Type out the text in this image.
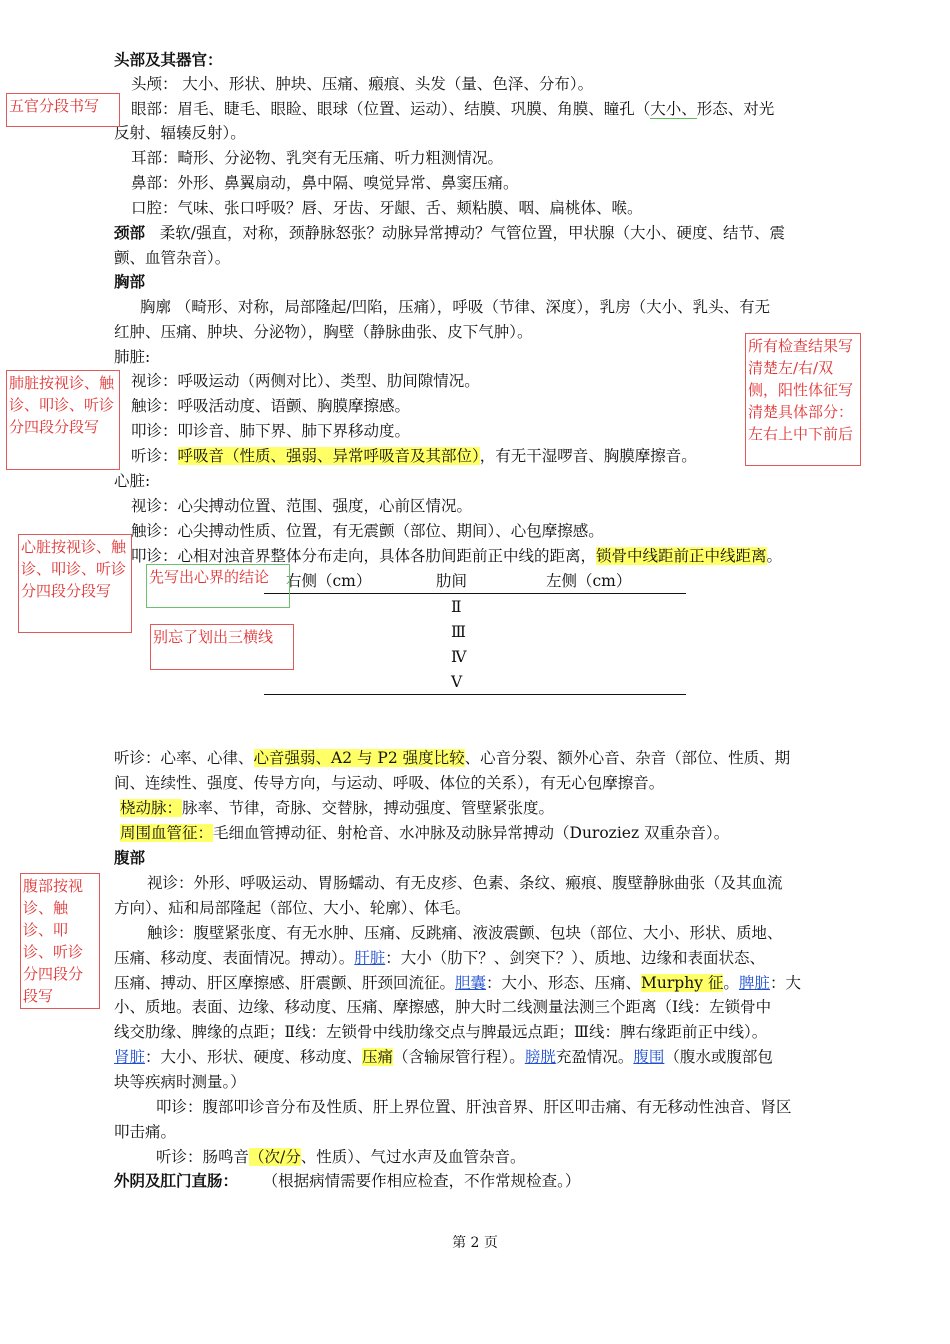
头部及其器官：
头颅： 大小、形状、肿块、压痛、瘢痕、头发（量、色泽、分布）。
眼部：眉毛、睫毛、眼睑、眼球（位置、运动）、结膜、巩膜、角膜、瞳孔（大小、形态、对光
反射、辐辏反射）。
耳部：畸形、分泌物、乳突有无压痛、听力粗测情况。
鼻部：外形、鼻翼扇动，鼻中隔、嗅觉异常、鼻窦压痛。
口腔：气味、张口呼吸？唇、牙齿、牙龈、舌、颊粘膜、咽、扁桃体、喉。
颈部 柔软/强直，对称，颈静脉怒张？动脉异常搏动？气管位置，甲状腺（大小、硬度、结节、震
颤、血管杂音）。
胸部
胸廓 （畸形、对称，局部隆起/凹陷，压痛），呼吸（节律、深度），乳房（大小、乳头、有无
红肿、压痛、肿块、分泌物），胸壁（静脉曲张、皮下气肿）。
肺脏:
视诊：呼吸运动（两侧对比）、类型、肋间隙情况。
触诊：呼吸活动度、语颤、胸膜摩擦感。
叩诊：叩诊音、肺下界、肺下界移动度。
听诊：呼吸音（性质、强弱、异常呼吸音及其部位），有无干湿啰音、胸膜摩擦音。
心脏:
视诊：心尖搏动位置、范围、强度，心前区情况。
触诊：心尖搏动性质、位置，有无震颤（部位、期间）、心包摩擦感。
叩诊：心相对浊音界整体分布走向，具体各肋间距前正中线的距离，锁骨中线距前正中线距离。
右侧（cm）	肋间	左侧（cm）
Ⅱ
Ⅲ
Ⅳ
Ⅴ
听诊：心率、心律、心音强弱、A2 与 P2 强度比较、心音分裂、额外心音、杂音（部位、性质、期
间、连续性、强度、传导方向，与运动、呼吸、体位的关系），有无心包摩擦音。
桡动脉：脉率、节律，奇脉、交替脉，搏动强度、管壁紧张度。
周围血管征：毛细血管搏动征、射枪音、水冲脉及动脉异常搏动（Duroziez 双重杂音）。
腹部
视诊：外形、呼吸运动、胃肠蠕动、有无皮疹、色素、条纹、瘢痕、腹壁静脉曲张（及其血流
方向）、疝和局部隆起（部位、大小、轮廓）、体毛。
触诊：腹壁紧张度、有无水肿、压痛、反跳痛、液波震颤、包块（部位、大小、形状、质地、
压痛、移动度、表面情况。搏动）。肝脏：大小（肋下？、剑突下？）、质地、边缘和表面状态、
压痛、搏动、肝区摩擦感、肝震颤、肝颈回流征。胆囊：大小、形态、压痛、Murphy 征。脾脏：大
小、质地。表面、边缘、移动度、压痛、摩擦感，肿大时二线测量法测三个距离（Ⅰ线：左锁骨中
线交肋缘、脾缘的点距；Ⅱ线：左锁骨中线肋缘交点与脾最远点距；Ⅲ线：脾右缘距前正中线）。
肾脏：大小、形状、硬度、移动度、压痛（含输尿管行程）。膀胱充盈情况。腹围（腹水或腹部包
块等疾病时测量。）
叩诊：腹部叩诊音分布及性质、肝上界位置、肝浊音界、肝区叩击痛、有无移动性浊音、肾区
叩击痛。
听诊：肠鸣音（次/分、性质）、气过水声及血管杂音。
外阴及肛门直肠： （根据病情需要作相应检查，不作常规检查。）
五官分段书写
所有检查结果写清楚左/右/双侧，阳性体征写清楚具体部分：左右上中下前后
肺脏按视诊、触诊、叩诊、听诊分四段分段写
心脏按视诊、触诊、叩诊、听诊分四段分段写
先写出心界的结论
别忘了划出三横线
腹部按视诊、触诊、叩诊、听诊分四段分段写
第 2 页
